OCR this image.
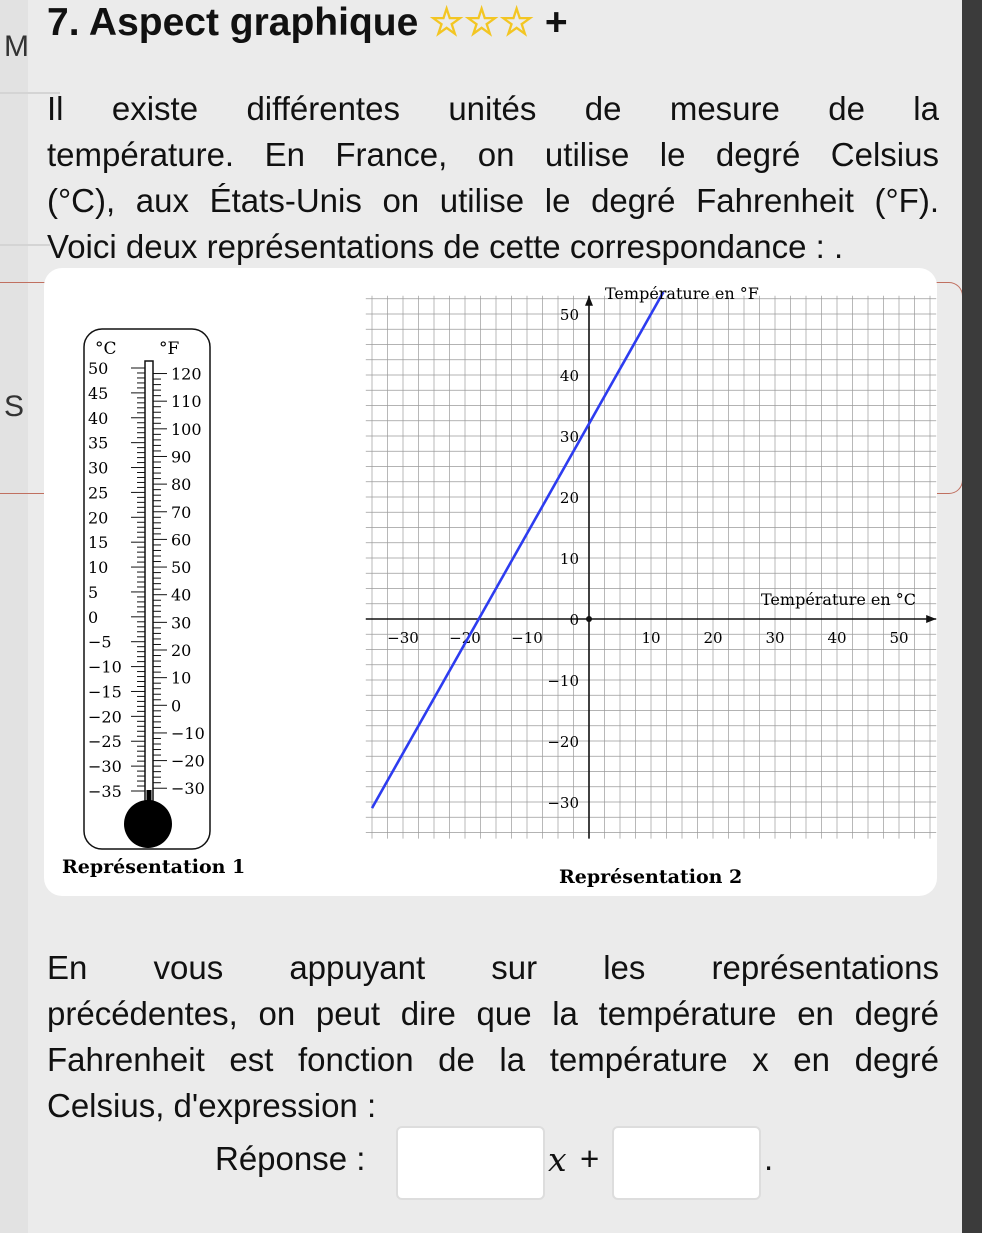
M
S
7. Aspect graphique ☆☆☆ +
Il existe différentes unités de mesure de la
température. En France, on utilise le degré Celsius
(°C), aux États-Unis on utilise le degré Fahrenheit (°F).
Voici deux représentations de cette correspondance : .
°C °F
50
45
40
35
30
25
20
15
10
5
0
−5
−10
−15
−20
−25
−30
−35
120
110
100
90
80
70
60
50
40
30
20
10
0
−10
−20
−30
Représentation 1
50
40
30
20
10
0
−10
−20
−30
−30 −20 −10	10	20	30	40	50
Température en °F
Température en °C
Représentation 2
En vous appuyant sur les représentations
précédentes, on peut dire que la température en degré
Fahrenheit est fonction de la température x en degré
Celsius, d'expression :
Réponse :	x +	.
